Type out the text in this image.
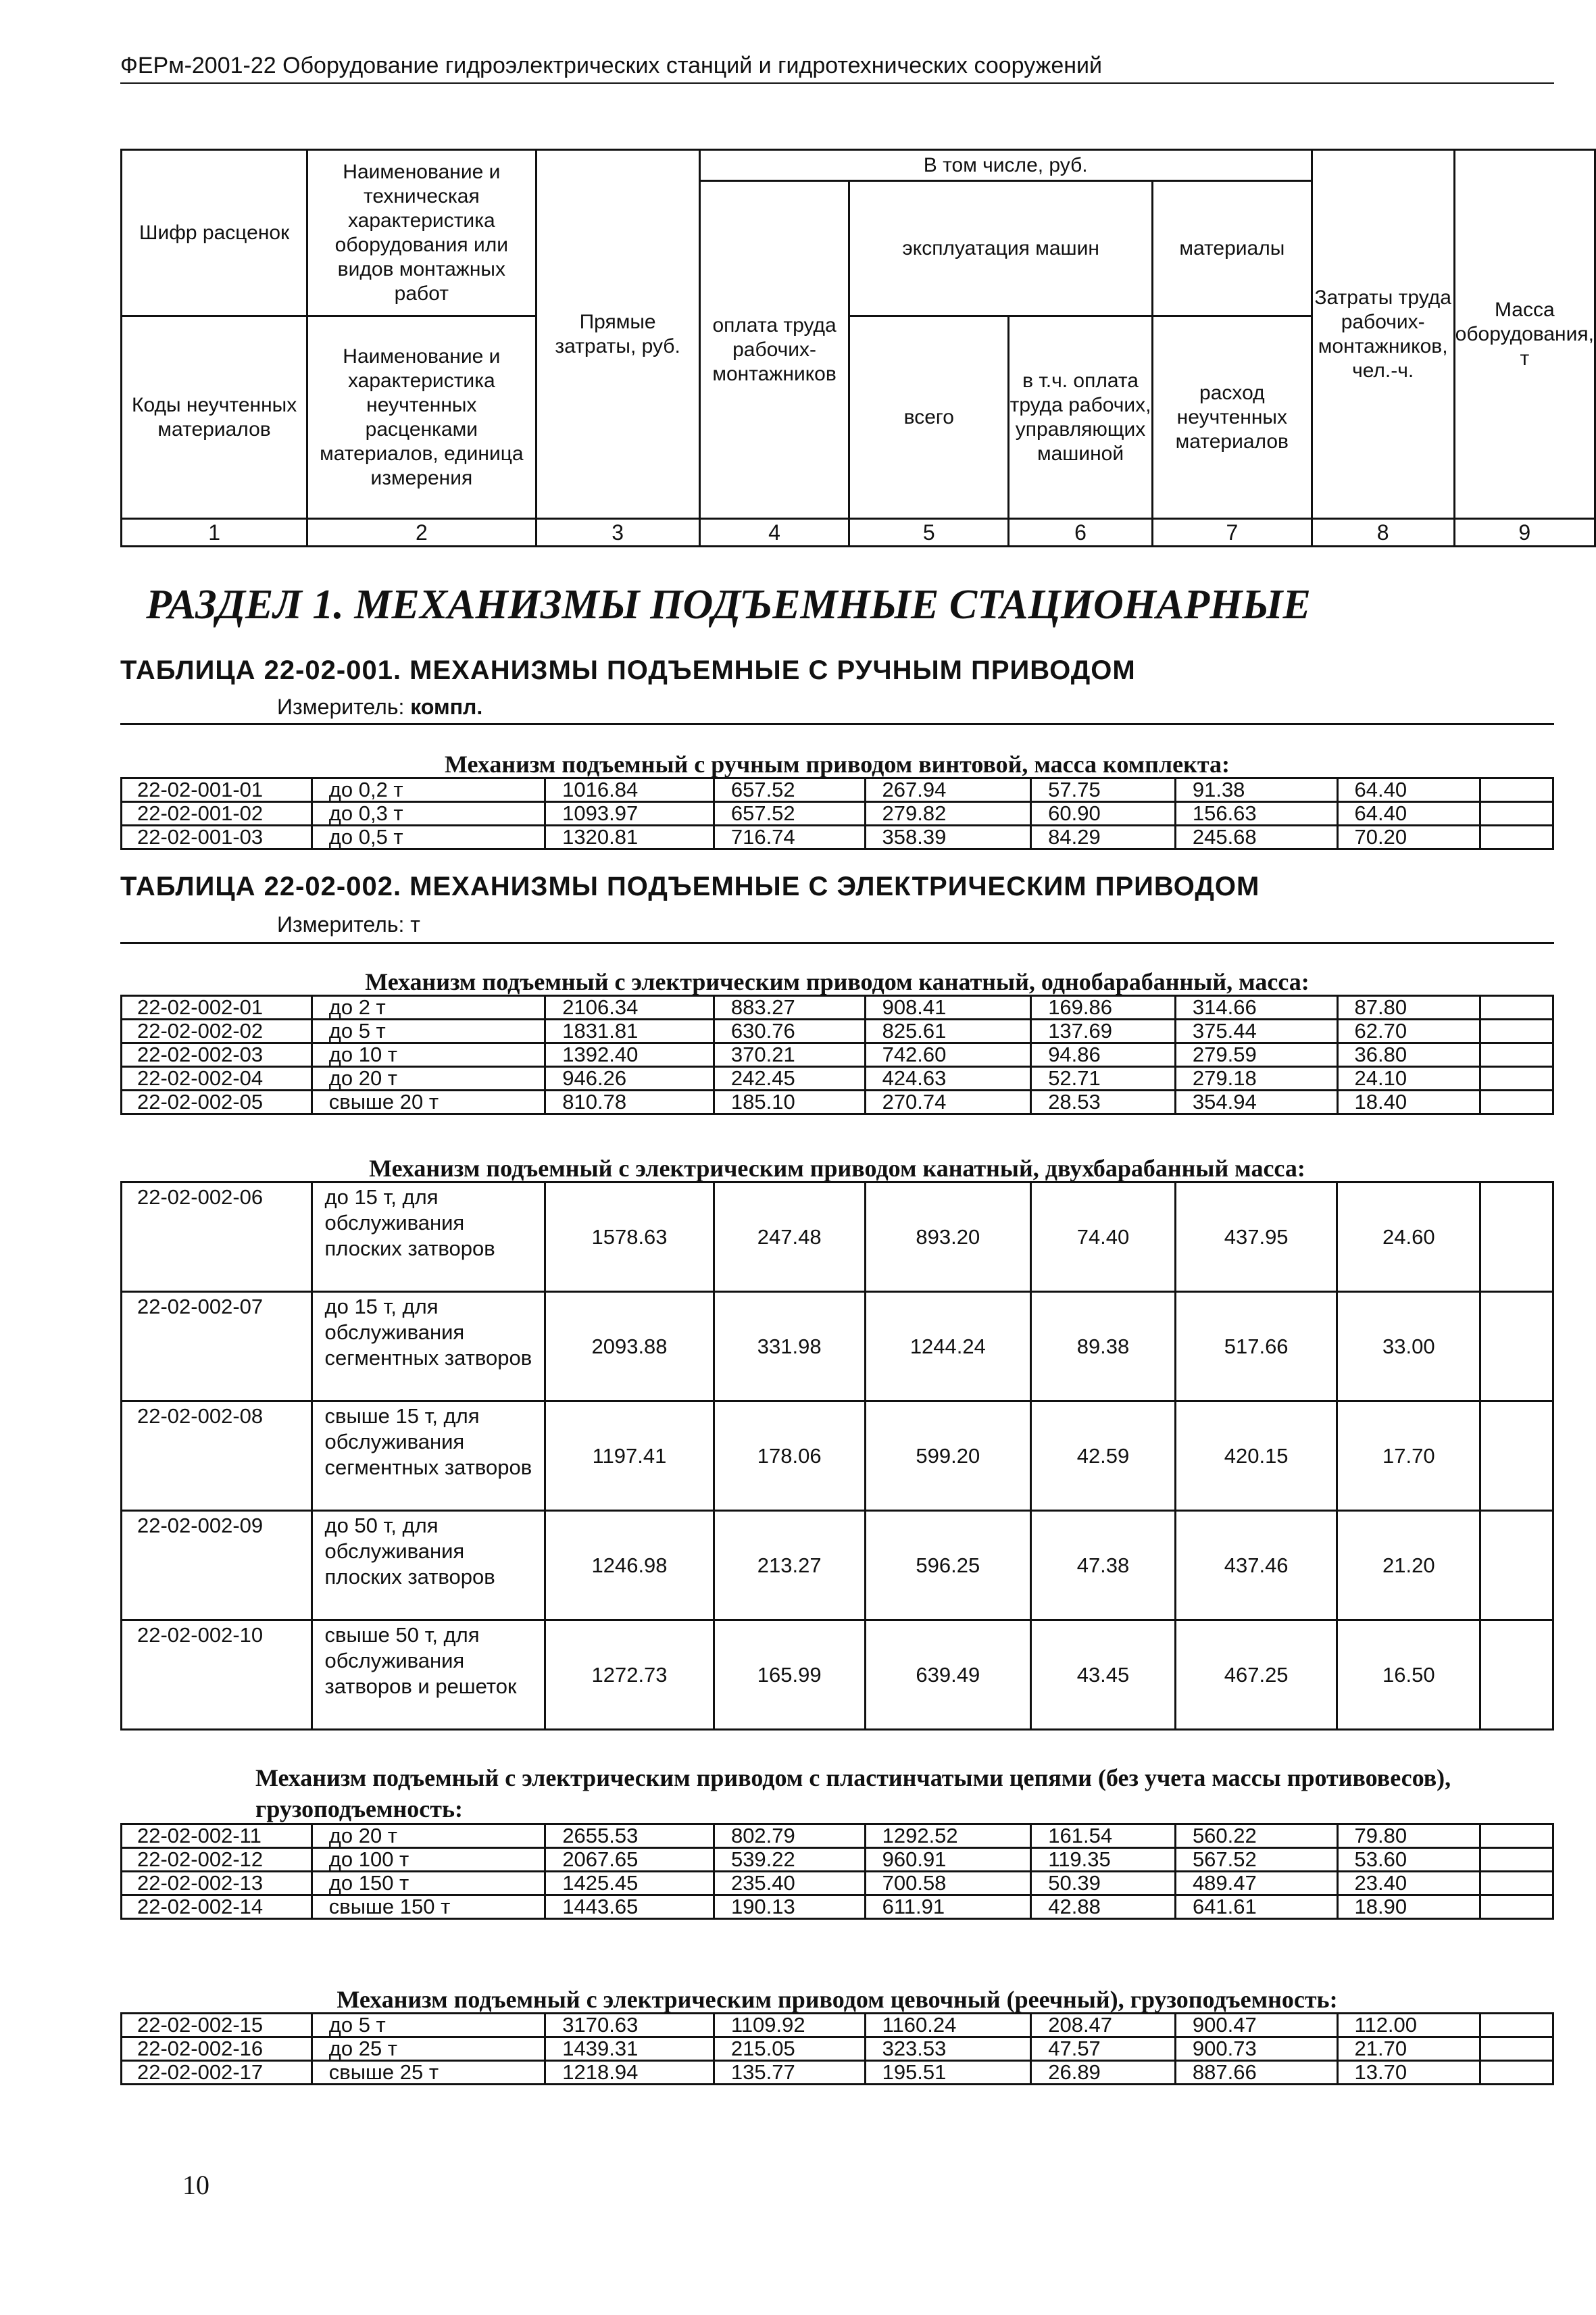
ФЕРм-2001-22 Оборудование гидроэлектрических станций и гидротехнических сооружений
Шифр расценок	Наименование и техническая характеристика оборудования или видов монтажных работ	Прямые затраты, руб.	В том числе, руб.				Затраты труда рабочих-монтажников, чел.-ч.	Масса оборудования, т
			оплата труда рабочих-монтажников	эксплуатация машин		материалы		
Коды неучтенных материалов	Наименование и характеристика неучтенных расценками материалов, единица измерения			всего	в т.ч. оплата труда рабочих, управляющих машиной	расход неучтенных материалов		

1	2	3	4	5	6	7	8	9
РАЗДЕЛ 1. МЕХАНИЗМЫ ПОДЪЕМНЫЕ СТАЦИОНАРНЫЕ
ТАБЛИЦА 22-02-001. МЕХАНИЗМЫ ПОДЪЕМНЫЕ С РУЧНЫМ ПРИВОДОМ
Измеритель: компл.
Механизм подъемный с ручным приводом винтовой, масса комплекта:
22-02-001-01	до 0,2 т	1016.84	657.52	267.94	57.75	91.38	64.40	
22-02-001-02	до 0,3 т	1093.97	657.52	279.82	60.90	156.63	64.40	
22-02-001-03	до 0,5 т	1320.81	716.74	358.39	84.29	245.68	70.20	
ТАБЛИЦА 22-02-002. МЕХАНИЗМЫ ПОДЪЕМНЫЕ С ЭЛЕКТРИЧЕСКИМ ПРИВОДОМ
Измеритель: т
Механизм подъемный с электрическим приводом канатный, однобарабанный, масса:
22-02-002-01	до 2 т	2106.34	883.27	908.41	169.86	314.66	87.80	
22-02-002-02	до 5 т	1831.81	630.76	825.61	137.69	375.44	62.70	
22-02-002-03	до 10 т	1392.40	370.21	742.60	94.86	279.59	36.80	
22-02-002-04	до 20 т	946.26	242.45	424.63	52.71	279.18	24.10	
22-02-002-05	свыше 20 т	810.78	185.10	270.74	28.53	354.94	18.40	
Механизм подъемный с электрическим приводом канатный, двухбарабанный масса:
22-02-002-06	до 15 т, для обслуживания плоских затворов	1578.63	247.48	893.20	74.40	437.95	24.60	
22-02-002-07	до 15 т, для обслуживания сегментных затворов	2093.88	331.98	1244.24	89.38	517.66	33.00	
22-02-002-08	свыше 15 т, для обслуживания сегментных затворов	1197.41	178.06	599.20	42.59	420.15	17.70	
22-02-002-09	до 50 т, для обслуживания плоских затворов	1246.98	213.27	596.25	47.38	437.46	21.20	
22-02-002-10	свыше 50 т, для обслуживания затворов и решеток	1272.73	165.99	639.49	43.45	467.25	16.50	
Механизм подъемный с электрическим приводом с пластинчатыми цепями (без учета массы противовесов), грузоподъемность:
22-02-002-11	до 20 т	2655.53	802.79	1292.52	161.54	560.22	79.80	
22-02-002-12	до 100 т	2067.65	539.22	960.91	119.35	567.52	53.60	
22-02-002-13	до 150 т	1425.45	235.40	700.58	50.39	489.47	23.40	
22-02-002-14	свыше 150 т	1443.65	190.13	611.91	42.88	641.61	18.90	
Механизм подъемный с электрическим приводом цевочный (реечный), грузоподъемность:
22-02-002-15	до 5 т	3170.63	1109.92	1160.24	208.47	900.47	112.00	
22-02-002-16	до 25 т	1439.31	215.05	323.53	47.57	900.73	21.70	
22-02-002-17	свыше 25 т	1218.94	135.77	195.51	26.89	887.66	13.70	
10
